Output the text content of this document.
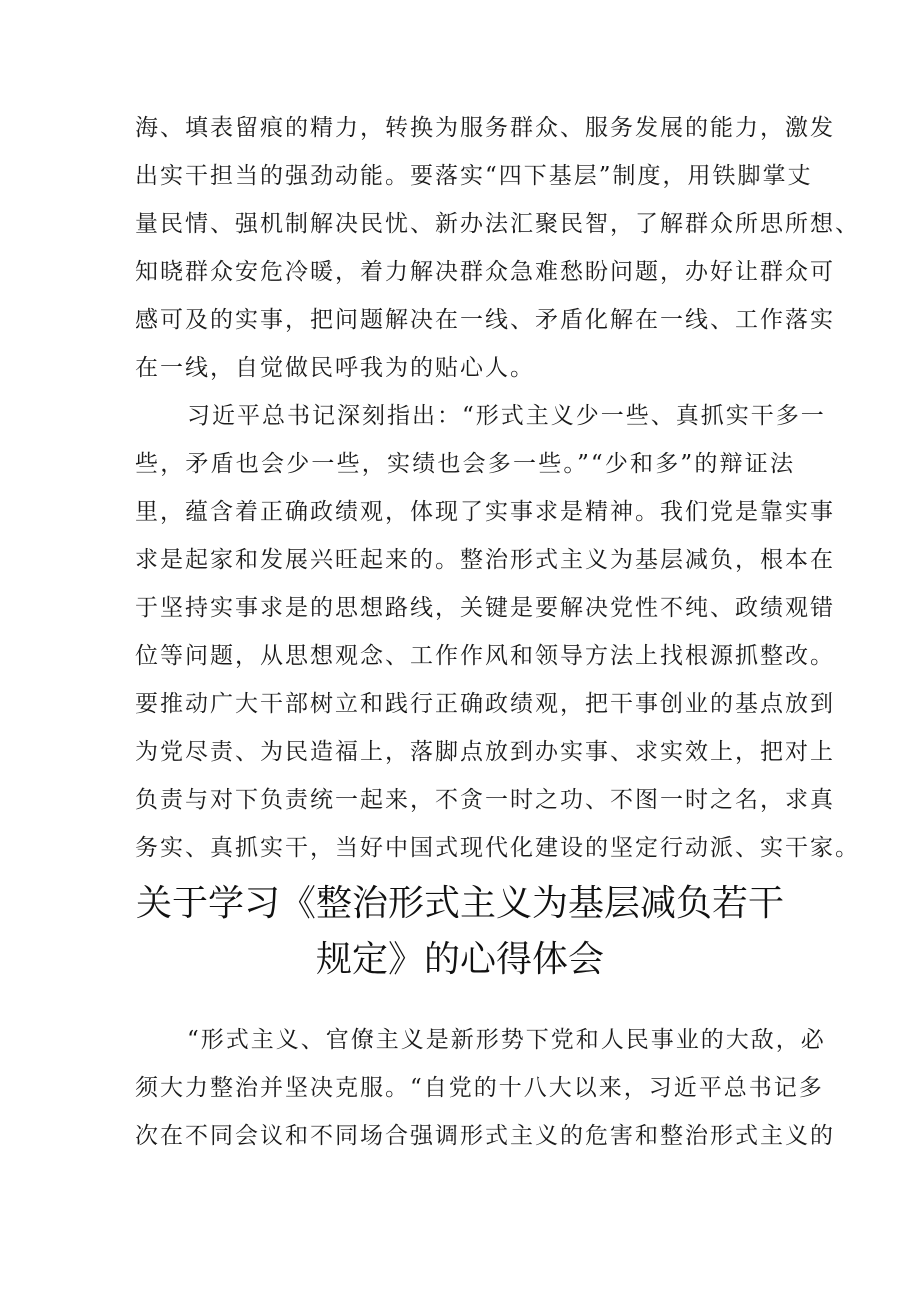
海、填表留痕的精力，转换为服务群众、服务发展的能力，激发
出实干担当的强劲动能。要落实“四下基层”制度，用铁脚掌丈
量民情、强机制解决民忧、新办法汇聚民智，了解群众所思所想、
知晓群众安危冷暖，着力解决群众急难愁盼问题，办好让群众可
感可及的实事，把问题解决在一线、矛盾化解在一线、工作落实
在一线，自觉做民呼我为的贴心人。
习近平总书记深刻指出：“形式主义少一些、真抓实干多一
些，矛盾也会少一些，实绩也会多一些。”“少和多”的辩证法
里，蕴含着正确政绩观，体现了实事求是精神。我们党是靠实事
求是起家和发展兴旺起来的。整治形式主义为基层减负，根本在
于坚持实事求是的思想路线，关键是要解决党性不纯、政绩观错
位等问题，从思想观念、工作作风和领导方法上找根源抓整改。
要推动广大干部树立和践行正确政绩观，把干事创业的基点放到
为党尽责、为民造福上，落脚点放到办实事、求实效上，把对上
负责与对下负责统一起来，不贪一时之功、不图一时之名，求真
务实、真抓实干，当好中国式现代化建设的坚定行动派、实干家。
关于学习《整治形式主义为基层减负若干
规定》的心得体会
“形式主义、官僚主义是新形势下党和人民事业的大敌，必
须大力整治并坚决克服。“自党的十八大以来，习近平总书记多
次在不同会议和不同场合强调形式主义的危害和整治形式主义的
